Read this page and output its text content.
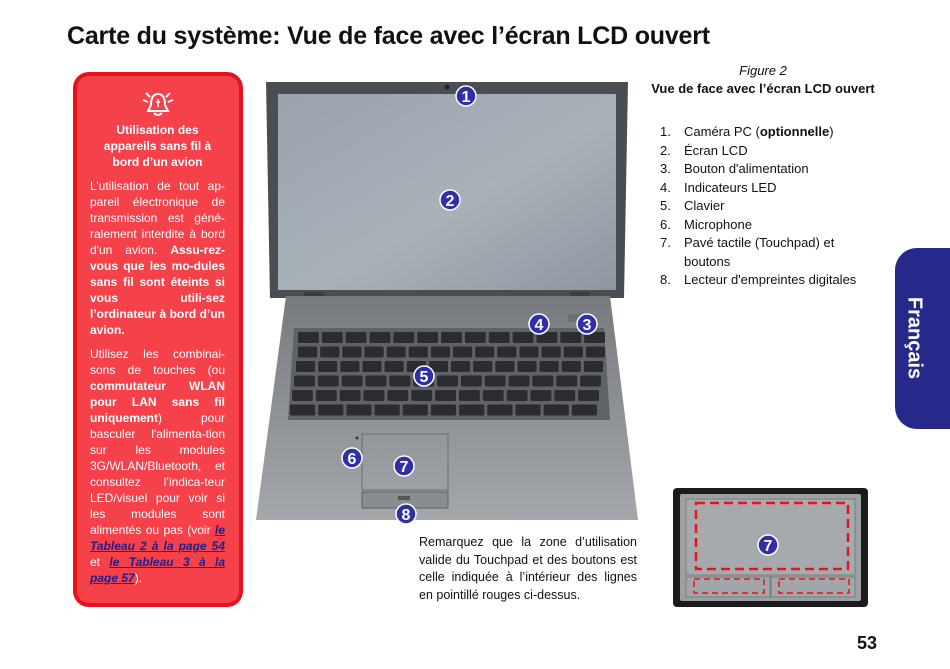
Carte du système: Vue de face avec l’écran LCD ouvert
Utilisation des appareils sans fil à bord d’un avion

L’utilisation de tout ap-pareil électronique de transmission est géné-ralement interdite à bord d'un avion. Assu-rez-vous que les mo-dules sans fil sont éteints si vous utili-sez l’ordinateur à bord d’un avion.

Utilisez les combinai-sons de touches (ou commutateur WLAN pour LAN sans fil uniquement) pour basculer l'alimenta-tion sur les modules 3G/WLAN/Bluetooth, et consultez l’indica-teur LED/visuel pour voir si les modules sont alimentés ou pas (voir le Tableau 2 à la page 54 et le Tableau 3 à la page 57).

1
2
3
4
5
6	7
8
Figure 2
Vue de face avec l’écran LCD ouvert
1.	Caméra PC (optionnelle)
2.	Écran LCD
3.	Bouton d'alimentation
4.	Indicateurs LED
5.	Clavier
6.	Microphone
7.	Pavé tactile (Touchpad) et boutons
8.	Lecteur d'empreintes digitales
Français
Remarquez que la zone d’utilisation valide du Touchpad et des boutons est celle indiquée à l’intérieur des lignes en pointillé rouges ci-dessus.
7
53
